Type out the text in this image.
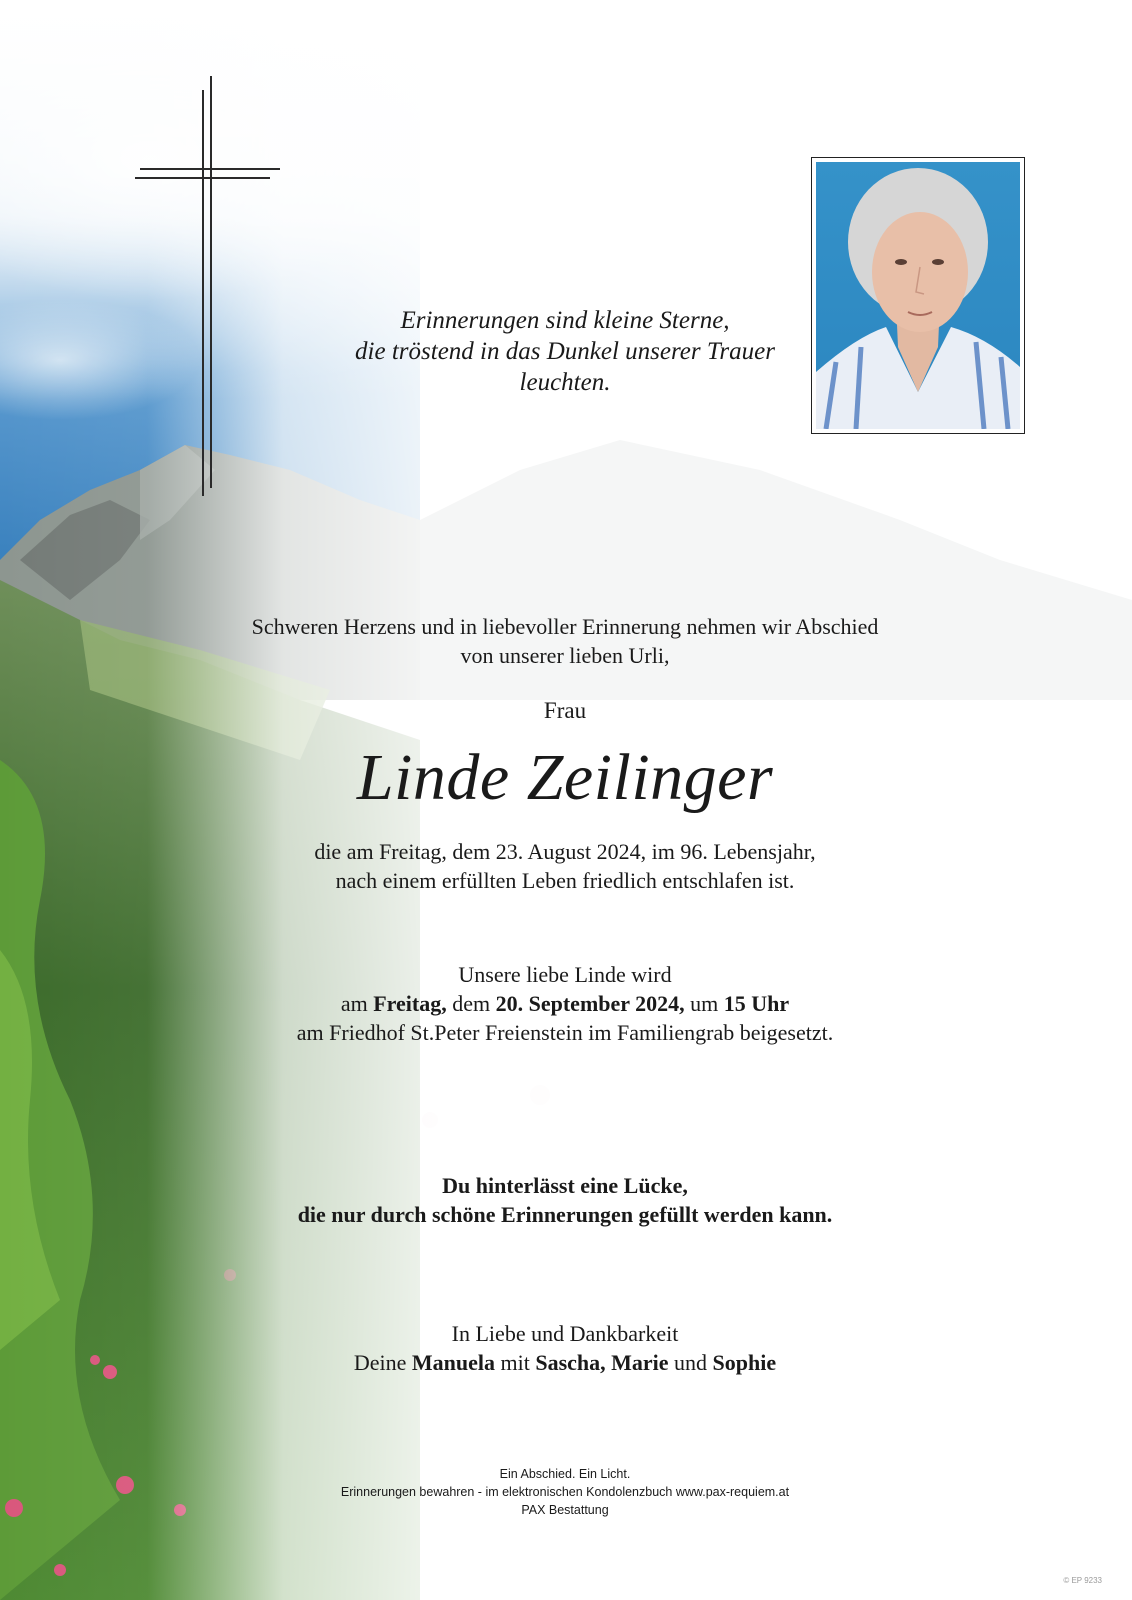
Erinnerungen sind kleine Sterne,
die tröstend in das Dunkel unserer Trauer
leuchten.
Schweren Herzens und in liebevoller Erinnerung nehmen wir Abschied
von unserer lieben Urli,
Frau
Linde Zeilinger
die am Freitag, dem 23. August 2024, im 96. Lebensjahr,
nach einem erfüllten Leben friedlich entschlafen ist.
Unsere liebe Linde wird
am Freitag, dem 20. September 2024, um 15 Uhr
am Friedhof St.Peter Freienstein im Familiengrab beigesetzt.
Du hinterlässt eine Lücke,
die nur durch schöne Erinnerungen gefüllt werden kann.
In Liebe und Dankbarkeit
Deine Manuela mit Sascha, Marie und Sophie
Ein Abschied. Ein Licht.
Erinnerungen bewahren - im elektronischen Kondolenzbuch www.pax-requiem.at
PAX Bestattung
© EP 9233
